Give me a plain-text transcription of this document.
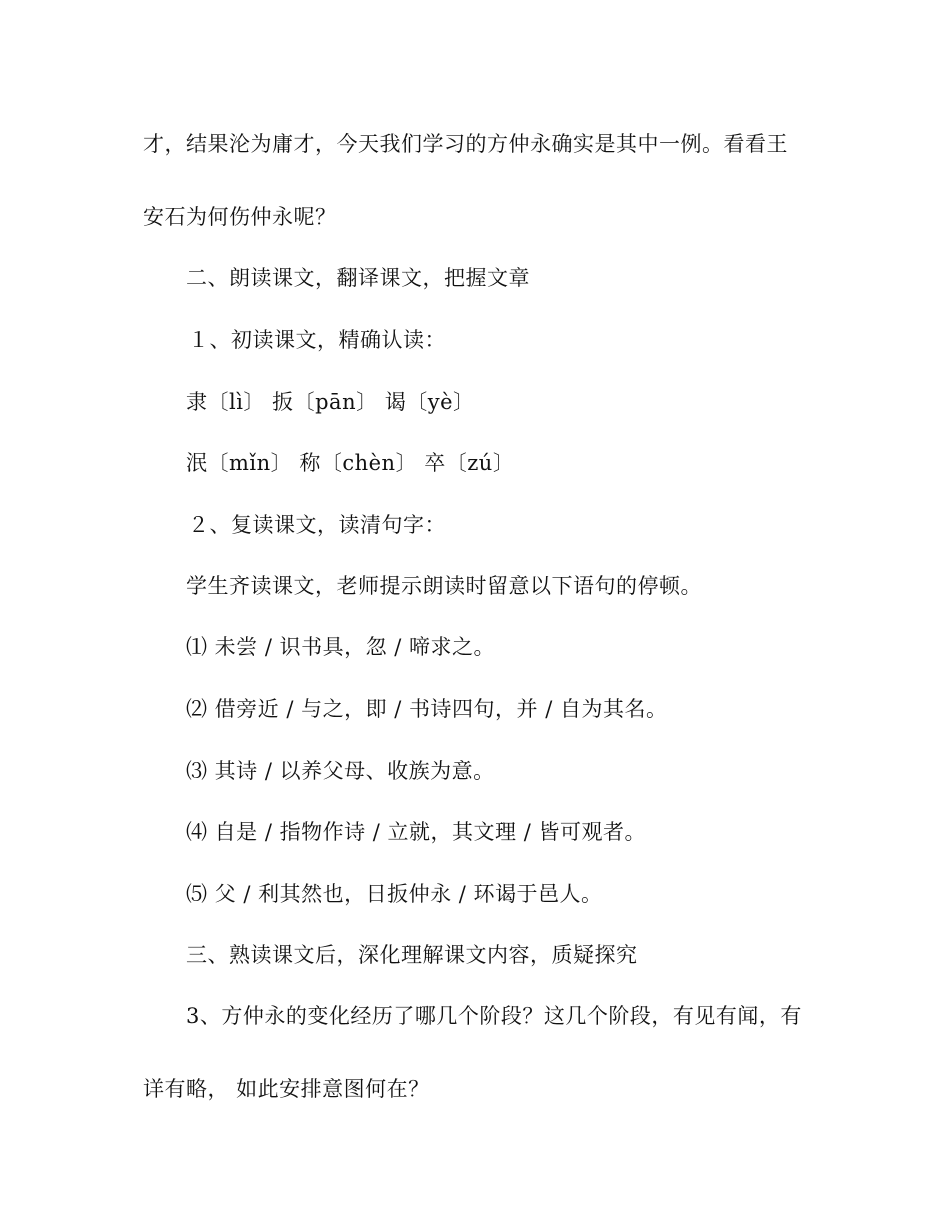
才，结果沦为庸才，今天我们学习的方仲永确实是其中一例。看看王
安石为何伤仲永呢？
二、朗读课文，翻译课文，把握文章
１、初读课文，精确认读：
隶〔lì〕 扳〔pān〕 谒〔yè〕
泯〔mǐn〕 称〔chèn〕 卒〔zú〕
２、复读课文，读清句字：
学生齐读课文，老师提示朗读时留意以下语句的停顿。
⑴ 未尝 / 识书具，忽 / 啼求之。
⑵ 借旁近 / 与之，即 / 书诗四句，并 / 自为其名。
⑶ 其诗 / 以养父母、收族为意。
⑷ 自是 / 指物作诗 / 立就，其文理 / 皆可观者。
⑸ 父 / 利其然也，日扳仲永 / 环谒于邑人。
三、熟读课文后，深化理解课文内容，质疑探究
3、方仲永的变化经历了哪几个阶段？这几个阶段，有见有闻，有
详有略， 如此安排意图何在？
